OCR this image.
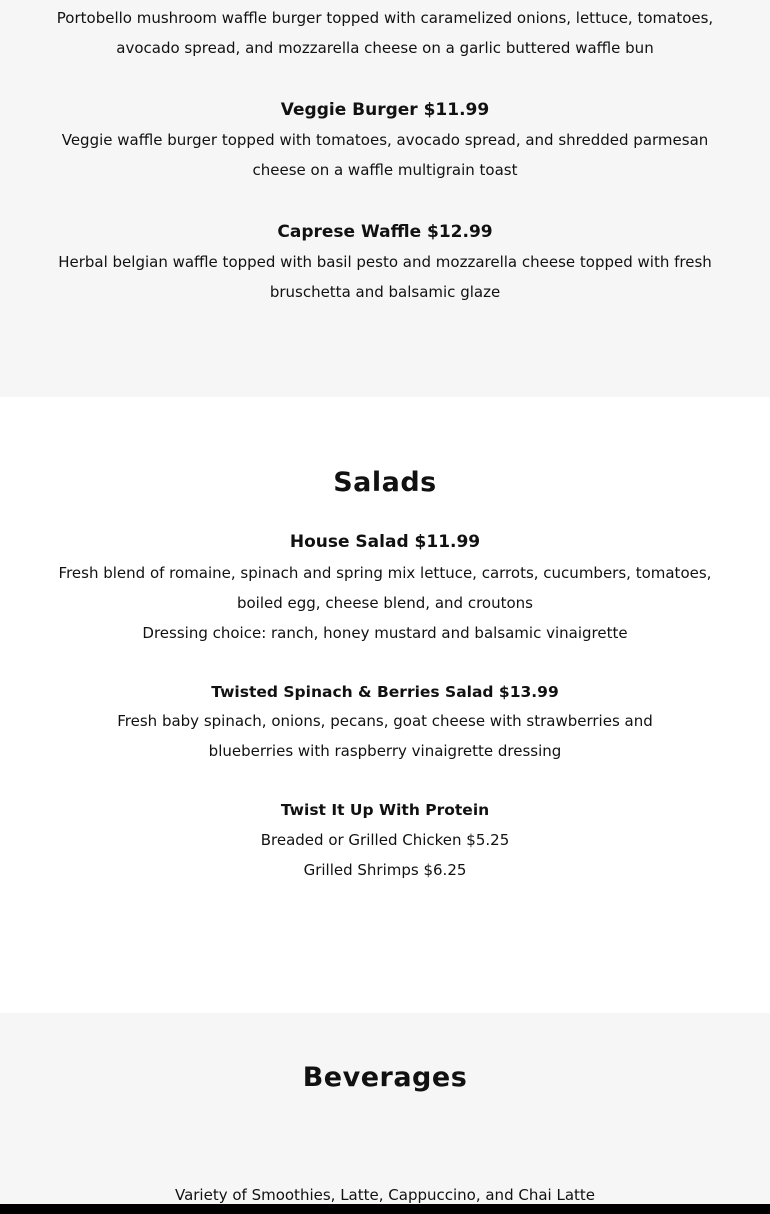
Portobello mushroom waffle burger topped with caramelized onions, lettuce, tomatoes, avocado spread, and mozzarella cheese on a garlic buttered waffle bun
Veggie Burger $11.99
Veggie waffle burger topped with tomatoes, avocado spread, and shredded parmesan cheese on a waffle multigrain toast
Caprese Waffle $12.99
Herbal belgian waffle topped with basil pesto and mozzarella cheese topped with fresh bruschetta and balsamic glaze
Salads
House Salad $11.99
Fresh blend of romaine, spinach and spring mix lettuce, carrots, cucumbers, tomatoes, boiled egg, cheese blend, and croutons
Dressing choice: ranch, honey mustard and balsamic vinaigrette
Twisted Spinach & Berries Salad $13.99
Fresh baby spinach, onions, pecans, goat cheese with strawberries and blueberries with raspberry vinaigrette dressing
Twist It Up With Protein
Breaded or Grilled Chicken $5.25
Grilled Shrimps $6.25
Beverages
Variety of Smoothies, Latte, Cappuccino, and Chai Latte
